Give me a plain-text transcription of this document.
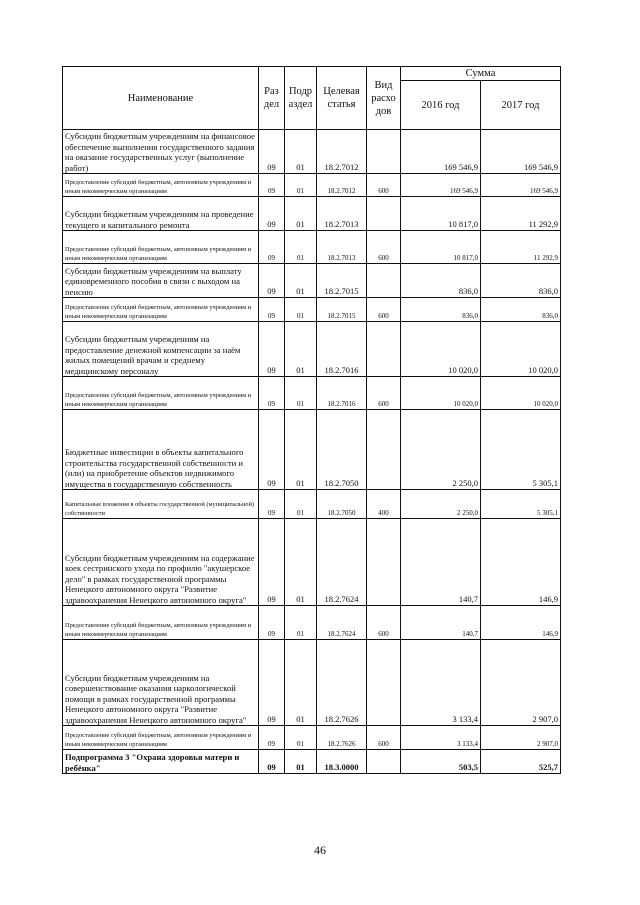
Наименование	Раз дел	Подр аздел	Целевая статья	Вид расхо дов	Сумма	
					2016 год	2017 год
Субсидии бюджетным учреждениям на финансовое обеспечение выполнения государственного задания на оказание государственных услуг (выполнение работ)	09	01	18.2.7012		169 546,9	169 546,9
Предоставление субсидий бюджетным, автономным учреждениям и иным некоммерческим организациям	09	01	18.2.7012	600	169 546,9	169 546,9
Субсидии бюджетным учреждениям на проведение текущего и капитального ремонта	09	01	18.2.7013		10 817,0	11 292,9
Предоставление субсидий бюджетным, автономным учреждениям и иным некоммерческим организациям	09	01	18.2.7013	600	10 817,0	11 292,9
Субсидии бюджетным учреждениям на выплату единовременного пособия в связи с выходом на пенсию	09	01	18.2.7015		836,0	836,0
Предоставление субсидий бюджетным, автономным учреждениям и иным некоммерческим организациям	09	01	18.2.7015	600	836,0	836,0
Субсидии бюджетным учреждениям на предоставление денежной компенсации за наём жилых помещений врачам и среднему медицинскому персоналу	09	01	18.2.7016		10 020,0	10 020,0
Предоставление субсидий бюджетным, автономным учреждениям и иным некоммерческим организациям	09	01	18.2.7016	600	10 020,0	10 020,0
Бюджетные инвестиции в объекты капитального строительства государственной собственности и (или) на приобретение объектов недвижимого имущества в государственную собственность	09	01	18.2.7050		2 250,0	5 305,1
Капитальные вложения в объекты государственной (муниципальной) собственности	09	01	18.2.7050	400	2 250,0	5 305,1
Субсидии бюджетным учреждениям на содержание коек сестринского ухода по профилю "акушерское дело" в рамках государственной программы Ненецкого автономного округа "Развитие здравоохранения Ненецкого автономного округа"	09	01	18.2.7624		140,7	146,9
Предоставление субсидий бюджетным, автономным учреждениям и иным некоммерческим организациям	09	01	18.2.7624	600	140,7	146,9
Субсидии бюджетным учреждениям на совершенствование оказания наркологической помощи в рамках государственной программы Ненецкого автономного округа "Развитие здравоохранения Ненецкого автономного округа"	09	01	18.2.7626		3 133,4	2 907,0
Предоставление субсидий бюджетным, автономным учреждениям и иным некоммерческим организациям	09	01	18.2.7626	600	3 133,4	2 907,0
Подпрограмма 3 "Охрана здоровья матери и ребёнка"	09	01	18.3.0000		503,5	525,7
46
